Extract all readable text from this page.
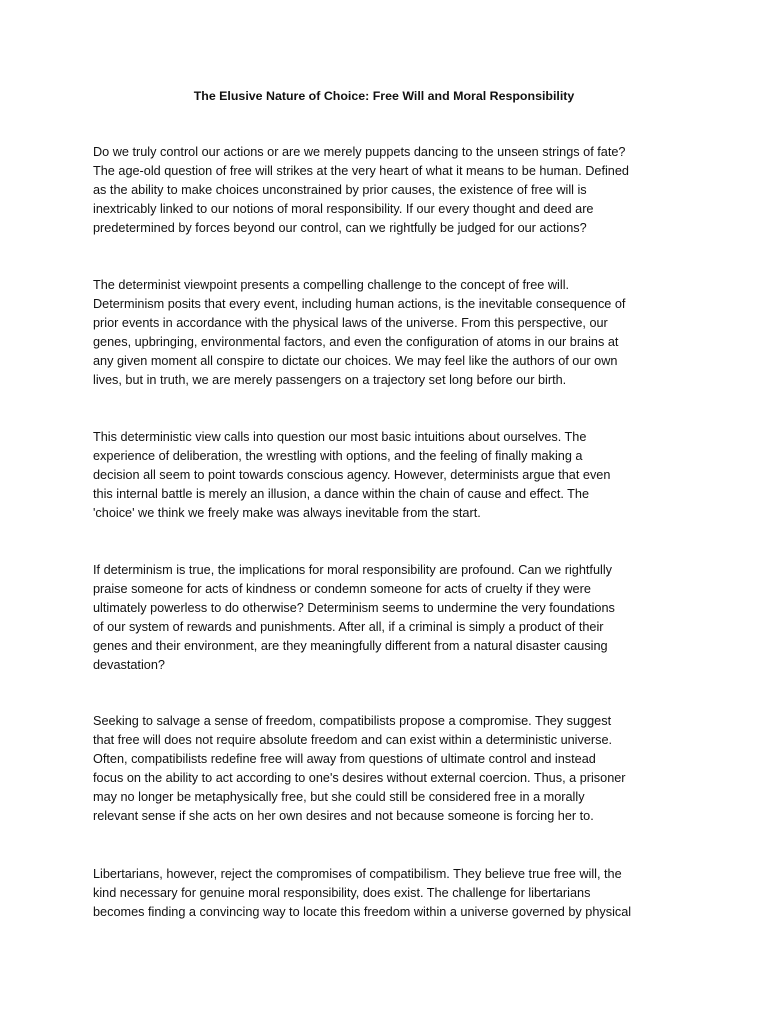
The Elusive Nature of Choice: Free Will and Moral Responsibility

Do we truly control our actions or are we merely puppets dancing to the unseen strings of fate?
The age-old question of free will strikes at the very heart of what it means to be human. Defined
as the ability to make choices unconstrained by prior causes, the existence of free will is
inextricably linked to our notions of moral responsibility. If our every thought and deed are
predetermined by forces beyond our control, can we rightfully be judged for our actions?

The determinist viewpoint presents a compelling challenge to the concept of free will.
Determinism posits that every event, including human actions, is the inevitable consequence of
prior events in accordance with the physical laws of the universe. From this perspective, our
genes, upbringing, environmental factors, and even the configuration of atoms in our brains at
any given moment all conspire to dictate our choices. We may feel like the authors of our own
lives, but in truth, we are merely passengers on a trajectory set long before our birth.

This deterministic view calls into question our most basic intuitions about ourselves. The
experience of deliberation, the wrestling with options, and the feeling of finally making a
decision all seem to point towards conscious agency. However, determinists argue that even
this internal battle is merely an illusion, a dance within the chain of cause and effect. The
'choice' we think we freely make was always inevitable from the start.

If determinism is true, the implications for moral responsibility are profound. Can we rightfully
praise someone for acts of kindness or condemn someone for acts of cruelty if they were
ultimately powerless to do otherwise? Determinism seems to undermine the very foundations
of our system of rewards and punishments. After all, if a criminal is simply a product of their
genes and their environment, are they meaningfully different from a natural disaster causing
devastation?

Seeking to salvage a sense of freedom, compatibilists propose a compromise. They suggest
that free will does not require absolute freedom and can exist within a deterministic universe.
Often, compatibilists redefine free will away from questions of ultimate control and instead
focus on the ability to act according to one's desires without external coercion. Thus, a prisoner
may no longer be metaphysically free, but she could still be considered free in a morally
relevant sense if she acts on her own desires and not because someone is forcing her to.

Libertarians, however, reject the compromises of compatibilism. They believe true free will, the
kind necessary for genuine moral responsibility, does exist. The challenge for libertarians
becomes finding a convincing way to locate this freedom within a universe governed by physical
